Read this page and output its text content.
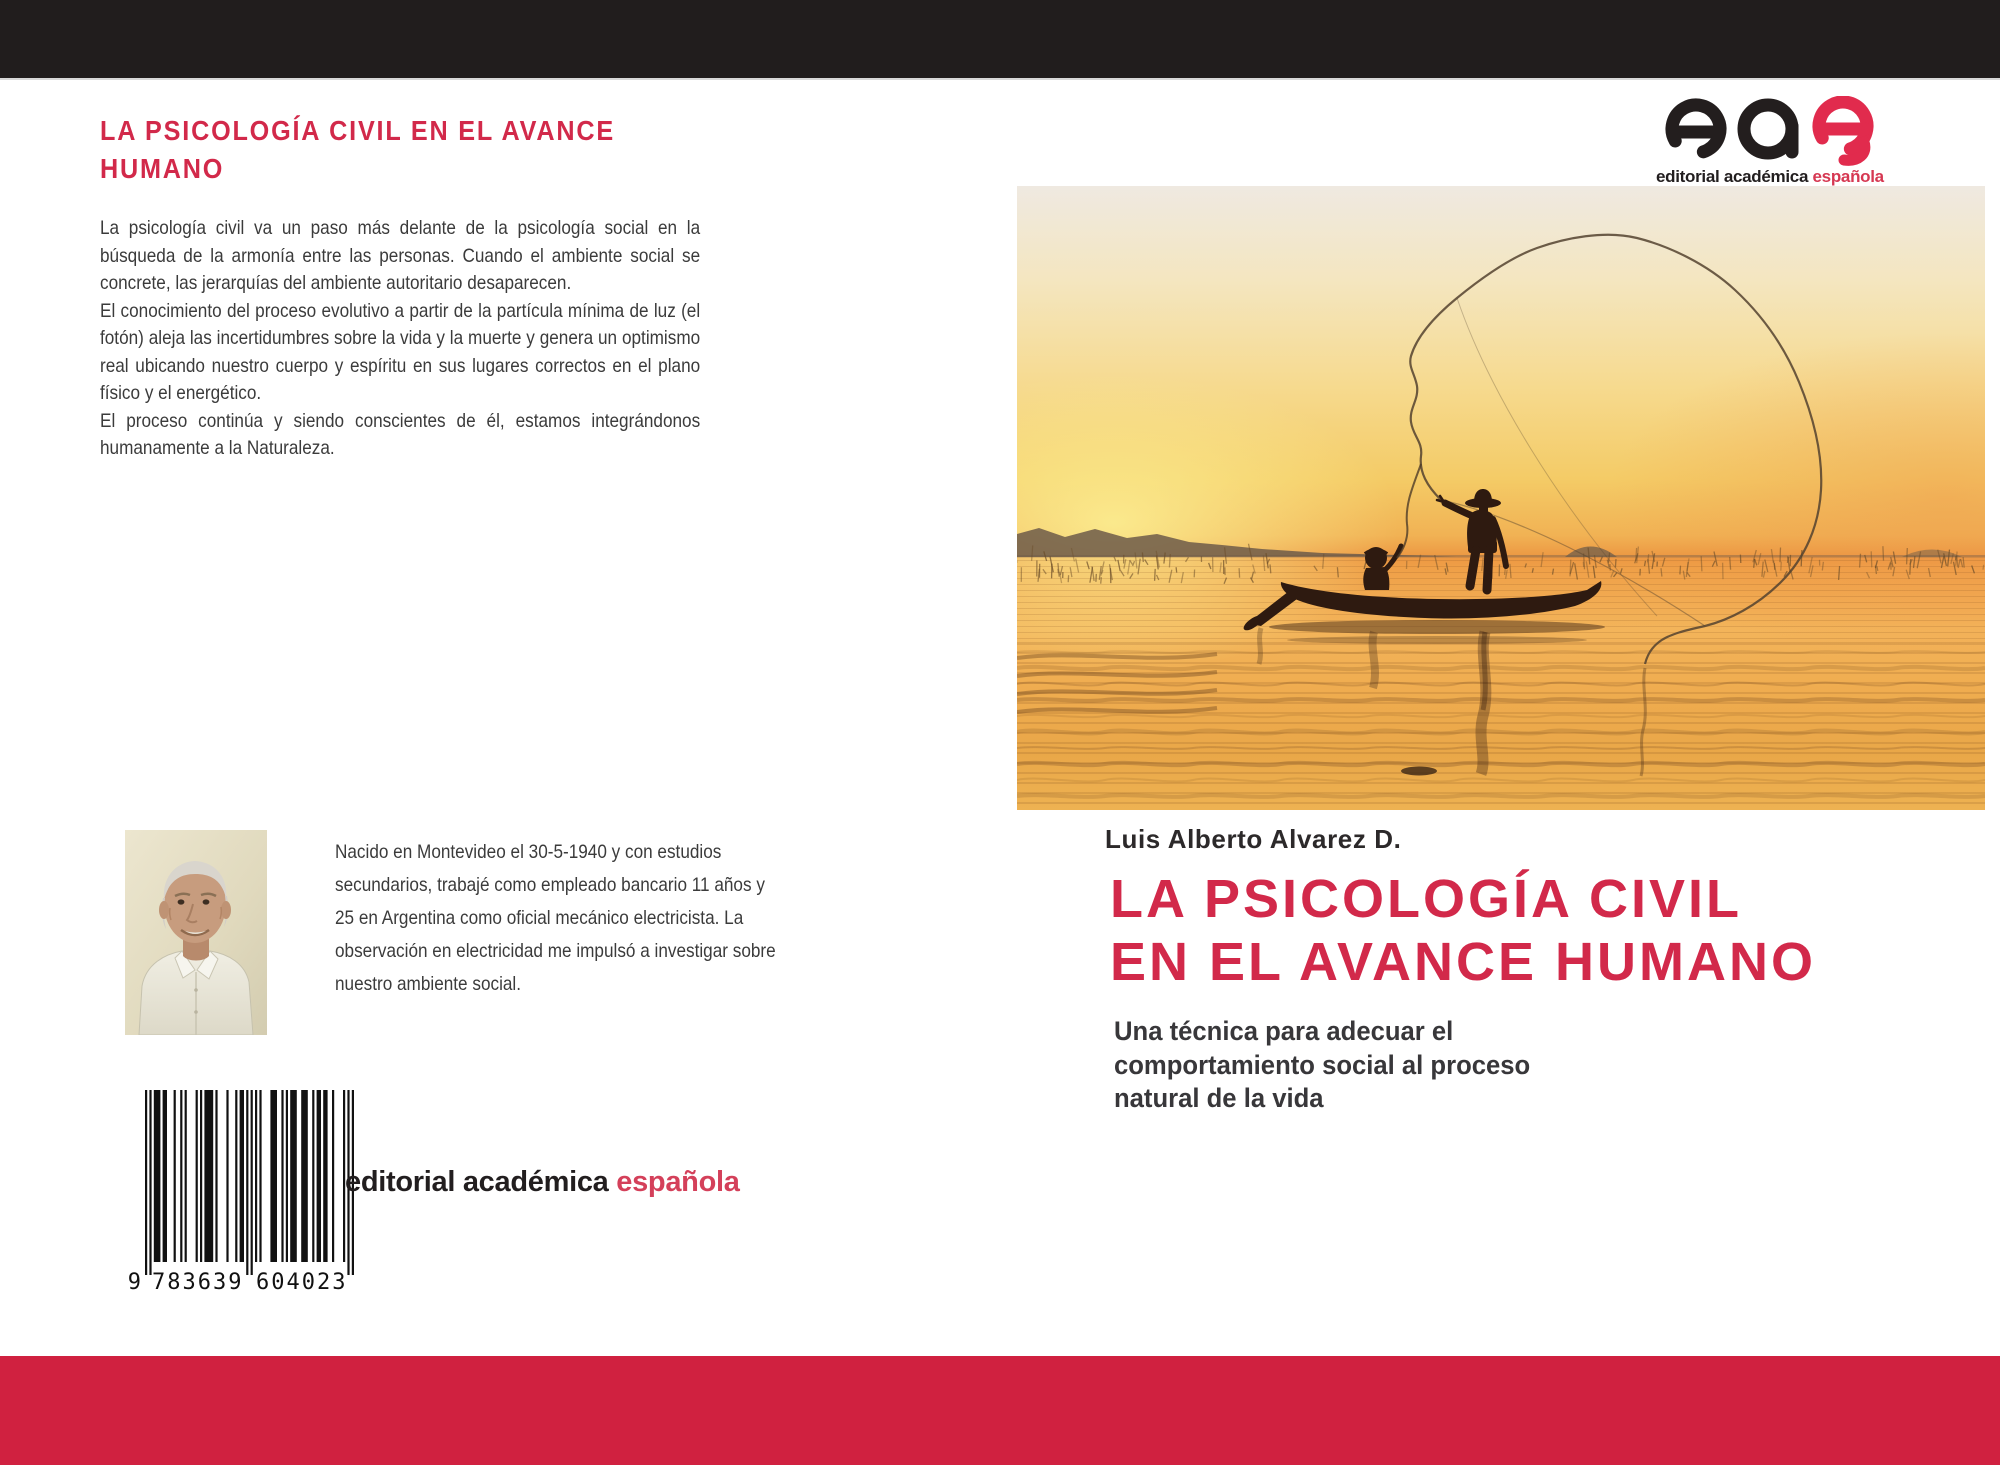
LA PSICOLOGÍA CIVIL EN EL AVANCE
HUMANO

La psicología civil va un paso más delante de la psicología social en la búsqueda de la armonía entre las personas. Cuando el ambiente social se concrete, las jerarquías del ambiente autoritario desaparecen.

El conocimiento del proceso evolutivo a partir de la partícula mínima de luz (el fotón) aleja las incertidumbres sobre la vida y la muerte y genera un optimismo real ubicando nuestro cuerpo y espíritu en sus lugares correctos en el plano físico y el energético.

El proceso continúa y siendo conscientes de él, estamos integrándonos humanamente a la Naturaleza.

Nacido en Montevideo el 30-5-1940 y con estudios secundarios, trabajé como empleado bancario 11 años y 25 en Argentina como oficial mecánico electricista. La observación en electricidad me impulsó a investigar sobre nuestro ambiente social.
9 783639 604023
editorial académica española
editorial académica española
Luis Alberto Alvarez D.
LA PSICOLOGÍA CIVIL
EN EL AVANCE HUMANO
Una técnica para adecuar el
comportamiento social al proceso
natural de la vida
